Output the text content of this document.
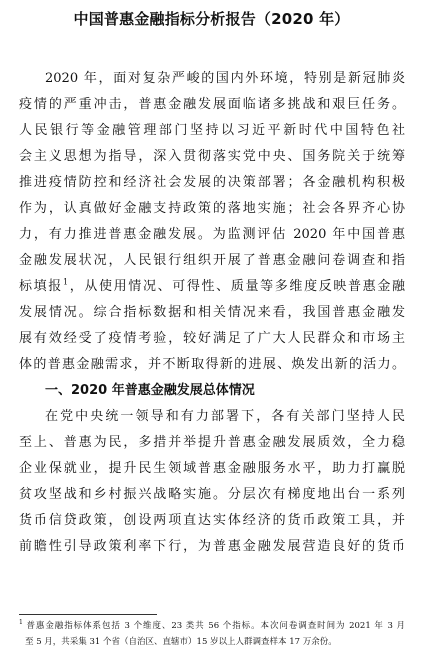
中国普惠金融指标分析报告（2020 年）
2020 年，面对复杂严峻的国内外环境，特别是新冠肺炎
疫情的严重冲击，普惠金融发展面临诸多挑战和艰巨任务。
人民银行等金融管理部门坚持以习近平新时代中国特色社
会主义思想为指导，深入贯彻落实党中央、国务院关于统筹
推进疫情防控和经济社会发展的决策部署；各金融机构积极
作为，认真做好金融支持政策的落地实施；社会各界齐心协
力，有力推进普惠金融发展。为监测评估 2020 年中国普惠
金融发展状况，人民银行组织开展了普惠金融问卷调查和指
标填报$^1$，从使用情况、可得性、质量等多维度反映普惠金融
发展情况。综合指标数据和相关情况来看，我国普惠金融发
展有效经受了疫情考验，较好满足了广大人民群众和市场主
体的普惠金融需求，并不断取得新的进展、焕发出新的活力。
一、2020 年普惠金融发展总体情况
在党中央统一领导和有力部署下，各有关部门坚持人民
至上、普惠为民，多措并举提升普惠金融发展质效，全力稳
企业保就业，提升民生领域普惠金融服务水平，助力打赢脱
贫攻坚战和乡村振兴战略实施。分层次有梯度地出台一系列
货币信贷政策，创设两项直达实体经济的货币政策工具，并
前瞻性引导政策利率下行，为普惠金融发展营造良好的货币
$^1$ 普惠金融指标体系包括 3 个维度、23 类共 56 个指标。本次问卷调查时间为 2021 年 3 月
至 5 月，共采集 31 个省（自治区、直辖市）15 岁以上人群调查样本 17 万余份。
